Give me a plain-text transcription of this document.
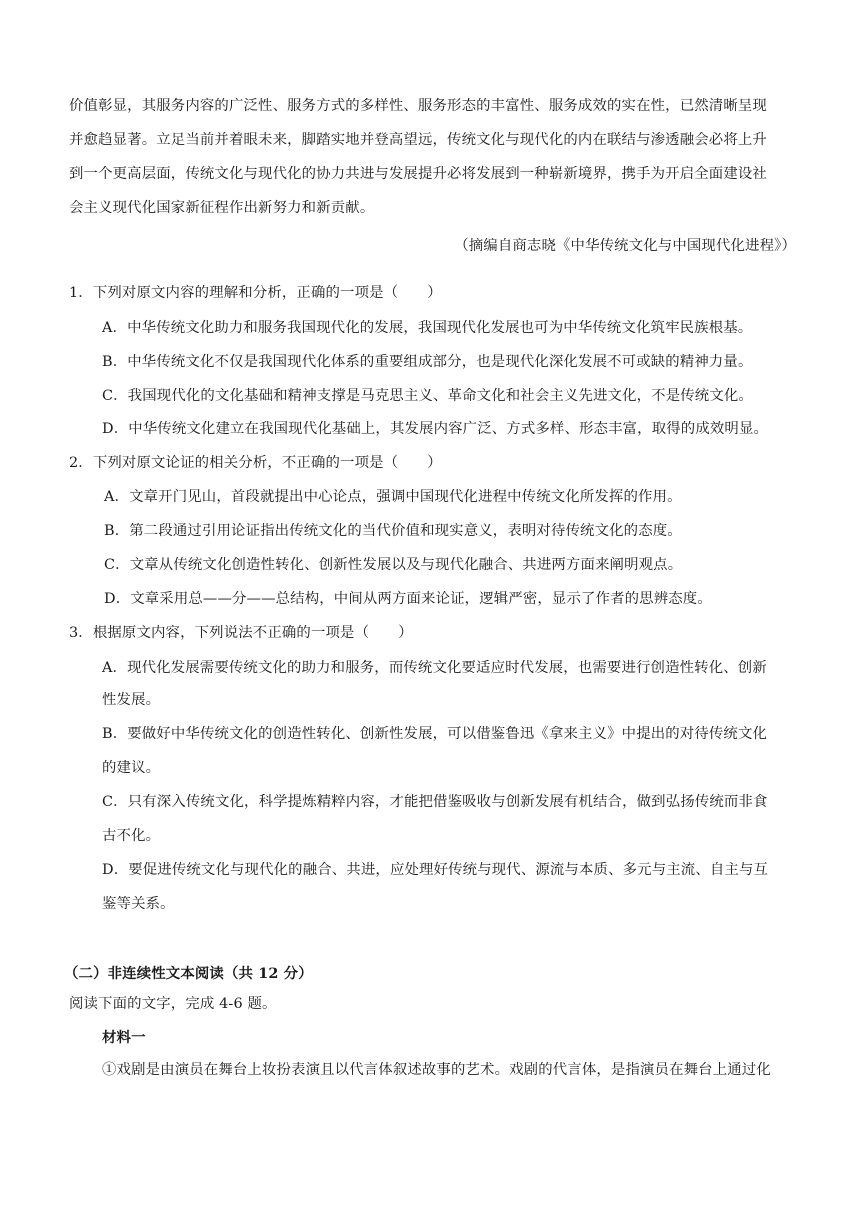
价值彰显，其服务内容的广泛性、服务方式的多样性、服务形态的丰富性、服务成效的实在性，已然清晰呈现
并愈趋显著。立足当前并着眼未来，脚踏实地并登高望远，传统文化与现代化的内在联结与渗透融会必将上升
到一个更高层面，传统文化与现代化的协力共进与发展提升必将发展到一种崭新境界，携手为开启全面建设社
会主义现代化国家新征程作出新努力和新贡献。
（摘编自商志晓《中华传统文化与中国现代化进程》）
1．下列对原文内容的理解和分析，正确的一项是（　　）
A．中华传统文化助力和服务我国现代化的发展，我国现代化发展也可为中华传统文化筑牢民族根基。
B．中华传统文化不仅是我国现代化体系的重要组成部分，也是现代化深化发展不可或缺的精神力量。
C．我国现代化的文化基础和精神支撑是马克思主义、革命文化和社会主义先进文化，不是传统文化。
D．中华传统文化建立在我国现代化基础上，其发展内容广泛、方式多样、形态丰富，取得的成效明显。
2．下列对原文论证的相关分析，不正确的一项是（　　）
A．文章开门见山，首段就提出中心论点，强调中国现代化进程中传统文化所发挥的作用。
B．第二段通过引用论证指出传统文化的当代价值和现实意义，表明对待传统文化的态度。
C．文章从传统文化创造性转化、创新性发展以及与现代化融合、共进两方面来阐明观点。
D．文章采用总——分——总结构，中间从两方面来论证，逻辑严密，显示了作者的思辨态度。
3．根据原文内容，下列说法不正确的一项是（　　）
A．现代化发展需要传统文化的助力和服务，而传统文化要适应时代发展，也需要进行创造性转化、创新
性发展。
B．要做好中华传统文化的创造性转化、创新性发展，可以借鉴鲁迅《拿来主义》中提出的对待传统文化
的建议。
C．只有深入传统文化，科学提炼精粹内容，才能把借鉴吸收与创新发展有机结合，做到弘扬传统而非食
古不化。
D．要促进传统文化与现代化的融合、共进，应处理好传统与现代、源流与本质、多元与主流、自主与互
鉴等关系。
（二）非连续性文本阅读（共 12 分）
阅读下面的文字，完成 4-6 题。
材料一
①戏剧是由演员在舞台上妆扮表演且以代言体叙述故事的艺术。戏剧的代言体，是指演员在舞台上通过化
